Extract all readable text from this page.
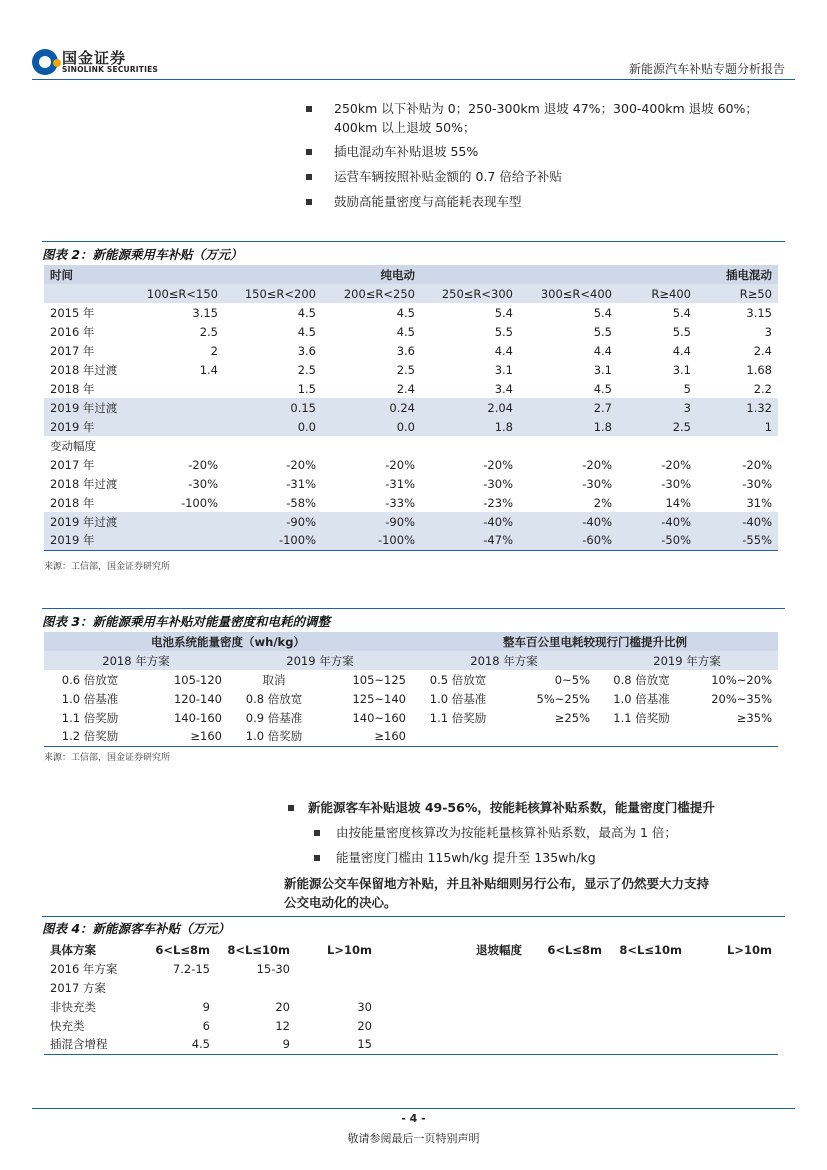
国金证券
SINOLINK SECURITIES	新能源汽车补贴专题分析报告
250km 以下补贴为 0；250-300km 退坡 47%；300-400km 退坡 60%；
400km 以上退坡 50%；
插电混动车补贴退坡 55%
运营车辆按照补贴金额的 0.7 倍给予补贴
鼓励高能量密度与高能耗表现车型
图表 2：新能源乘用车补贴（万元）
时间			纯电动				插电混动
	100≤R<150	150≤R<200	200≤R<250	250≤R<300	300≤R<400	R≥400	R≥50
2015 年	3.15	4.5	4.5	5.4	5.4	5.4	3.15
2016 年	2.5	4.5	4.5	5.5	5.5	5.5	3
2017 年	2	3.6	3.6	4.4	4.4	4.4	2.4
2018 年过渡	1.4	2.5	2.5	3.1	3.1	3.1	1.68
2018 年		1.5	2.4	3.4	4.5	5	2.2
2019 年过渡		0.15	0.24	2.04	2.7	3	1.32
2019 年		0.0	0.0	1.8	1.8	2.5	1
变动幅度							
2017 年	-20%	-20%	-20%	-20%	-20%	-20%	-20%
2018 年过渡	-30%	-31%	-31%	-30%	-30%	-30%	-30%
2018 年	-100%	-58%	-33%	-23%	2%	14%	31%
2019 年过渡		-90%	-90%	-40%	-40%	-40%	-40%
2019 年		-100%	-100%	-47%	-60%	-50%	-55%
来源：工信部，国金证券研究所
图表 3：新能源乘用车补贴对能量密度和电耗的调整
电池系统能量密度（wh/kg）				整车百公里电耗较现行门槛提升比例			
2018 年方案		2019 年方案		2018 年方案		2019 年方案	
0.6 倍放宽	105-120	取消	105~125	0.5 倍放宽	0~5%	0.8 倍放宽	10%~20%
1.0 倍基准	120-140	0.8 倍放宽	125~140	1.0 倍基准	5%~25%	1.0 倍基准	20%~35%
1.1 倍奖励	140-160	0.9 倍基准	140~160	1.1 倍奖励	≥25%	1.1 倍奖励	≥35%
1.2 倍奖励	≥160	1.0 倍奖励	≥160				
来源：工信部，国金证券研究所
新能源客车补贴退坡 49-56%，按能耗核算补贴系数，能量密度门槛提升
由按能量密度核算改为按能耗量核算补贴系数，最高为 1 倍；
能量密度门槛由 115wh/kg 提升至 135wh/kg
新能源公交车保留地方补贴，并且补贴细则另行公布，显示了仍然要大力支持
公交电动化的决心。
图表 4：新能源客车补贴（万元）
具体方案	6<L≤8m	8<L≤10m	L>10m	退坡幅度	6<L≤8m	8<L≤10m	L>10m
2016 年方案	7.2-15	15-30					
2017 方案							
非快充类	9	20	30				
快充类	6	12	20				
插混含增程	4.5	9	15				
- 4 -
敬请参阅最后一页特别声明
